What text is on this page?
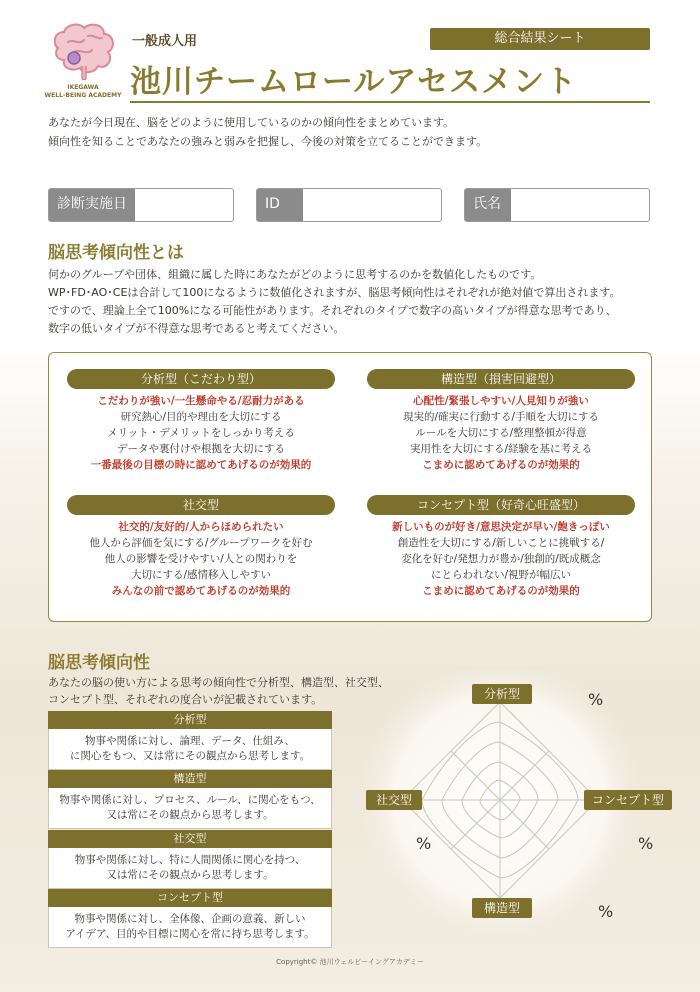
IKEGAWA
WELL-BEING ACADEMY
一般成人用	総合結果シート
池川チームロールアセスメント
あなたが今日現在、脳をどのように使用しているのかの傾向性をまとめています。
傾向性を知ることであなたの強みと弱みを把握し、今後の対策を立てることができます。
診断実施日	ID	氏名
脳思考傾向性とは
何かのグループや団体、組織に属した時にあなたがどのように思考するのかを数値化したものです。
WP･FD･AO･CEは合計して100になるように数値化されますが、脳思考傾向性はそれぞれが絶対値で算出されます。
ですので、理論上全て100%になる可能性があります。それぞれのタイプで数字の高いタイプが得意な思考であり、
数字の低いタイプが不得意な思考であると考えてください。
分析型（こだわり型）
こだわりが強い/一生懸命やる/忍耐力がある
研究熱心/目的や理由を大切にする
メリット・デメリットをしっかり考える
データや裏付けや根拠を大切にする
一番最後の目標の時に認めてあげるのが効果的
構造型（損害回避型）
心配性/緊張しやすい/人見知りが強い
現実的/確実に行動する/手順を大切にする
ルールを大切にする/整理整頓が得意
実用性を大切にする/経験を基に考える
こまめに認めてあげるのが効果的
社交型
社交的/友好的/人からほめられたい
他人から評価を気にする/グループワークを好む
他人の影響を受けやすい/人との関わりを
大切にする/感情移入しやすい
みんなの前で認めてあげるのが効果的
コンセプト型（好奇心旺盛型）
新しいものが好き/意思決定が早い/飽きっぽい
創造性を大切にする/新しいことに挑戦する/
変化を好む/発想力が豊か/独創的/既成概念
にとらわれない/視野が幅広い
こまめに認めてあげるのが効果的
脳思考傾向性
あなたの脳の使い方による思考の傾向性で分析型、構造型、社交型、
コンセプト型、それぞれの度合いが記載されています。
分析型
物事や関係に対し、論理、データ、仕組み、
に関心をもつ、又は常にその観点から思考します。
構造型
物事や関係に対し、プロセス、ルール、に関心をもつ、
又は常にその観点から思考します。
社交型
物事や関係に対し、特に人間関係に関心を持つ、
又は常にその観点から思考します。
コンセプト型
物事や関係に対し、全体像、企画の意義、新しい
アイデア、目的や目標に関心を常に持ち思考します。
分析型
コンセプト型
構造型
社交型
%
%
%
%
Copyright© 池川ウェルビーイングアカデミー
